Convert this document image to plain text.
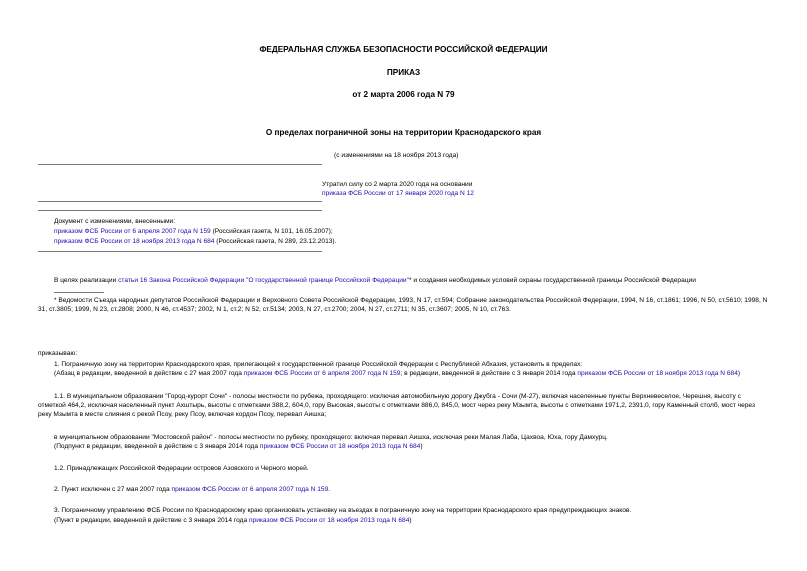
ФЕДЕРАЛЬНАЯ СЛУЖБА БЕЗОПАСНОСТИ РОССИЙСКОЙ ФЕДЕРАЦИИ
ПРИКАЗ
от 2 марта 2006 года N 79
О пределах пограничной зоны на территории Краснодарского края
(с изменениями на 18 ноября 2013 года)
Утратил силу со 2 марта 2020 года на основании
приказа ФСБ России от 17 января 2020 года N 12
Документ с изменениями, внесенными:
приказом ФСБ России от 6 апреля 2007 года N 159 (Российская газета, N 101, 16.05.2007);
приказом ФСБ России от 18 ноября 2013 года N 684 (Российская газета, N 289, 23.12.2013).
В целях реализации статьи 16 Закона Российской Федерации "О государственной границе Российской Федерации"* и создания необходимых условий охраны государственной границы Российской Федерации
* Ведомости Съезда народных депутатов Российской Федерации и Верховного Совета Российской Федерации, 1993, N 17, ст.594; Собрание законодательства Российской Федерации, 1994, N 16, ст.1861; 1996, N 50, ст.5610; 1998, N 31, ст.3805; 1999, N 23, ст.2808; 2000, N 46, ст.4537; 2002, N 1, ст.2; N 52, ст.5134; 2003, N 27, ст.2700; 2004, N 27, ст.2711; N 35, ст.3607; 2005, N 10, ст.763.
приказываю:
1. Пограничную зону на территории Краснодарского края, прилегающей к государственной границе Российской Федерации с Республикой Абхазия, установить в пределах:
(Абзац в редакции, введенной в действие с 27 мая 2007 года приказом ФСБ России от 6 апреля 2007 года N 159; в редакции, введенной в действие с 3 января 2014 года приказом ФСБ России от 18 ноября 2013 года N 684)
1.1. В муниципальном образовании "Город-курорт Сочи" - полосы местности по рубежа, проходящего: исключая автомобильную дорогу Джубга - Сочи (М-27), включая населенные пункты Верхневеселое, Черешня, высоту с отметкой 464,2, исключая населенный пункт Ахштырь, высоты с отметками 388,2, 604,0, гору Высокая, высоты с отметками 886,0, 845,0, мост через реку Мзымта, высоты с отметками 1971,2, 2391,0, гору Каменный столб, мост через реку Мзымта в месте слияния с рекой Псоу, реку Псоу, включая кордон Псоу, перевал Аишха;
в муниципальном образовании "Мостовской район" - полосы местности по рубежу, проходящего: включая перевал Аишха, исключая реки Малая Лаба, Цахвоа, Юха, гору Дамхурц.
(Подпункт в редакции, введенной в действие с 3 января 2014 года приказом ФСБ России от 18 ноября 2013 года N 684)
1.2. Принадлежащих Российской Федерации островов Азовского и Черного морей.
2. Пункт исключен с 27 мая 2007 года приказом ФСБ России от 6 апреля 2007 года N 159.
3. Пограничному управлению ФСБ России по Краснодарскому краю организовать установку на въездах в пограничную зону на территории Краснодарского края предупреждающих знаков.
(Пункт в редакции, введенной в действие с 3 января 2014 года приказом ФСБ России от 18 ноября 2013 года N 684)
